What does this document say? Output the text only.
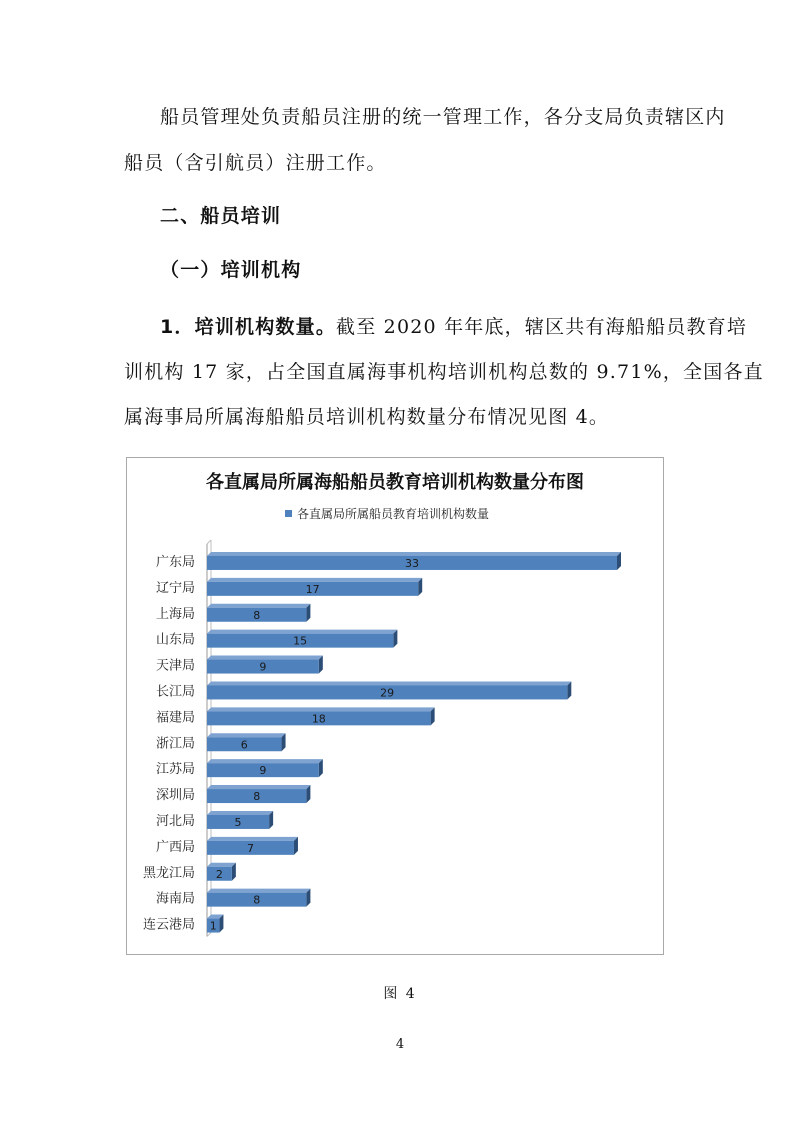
船员管理处负责船员注册的统一管理工作，各分支局负责辖区内
船员（含引航员）注册工作。
二、船员培训
（一）培训机构
1．培训机构数量。截至 2020 年年底，辖区共有海船船员教育培
训机构 17 家，占全国直属海事机构培训机构总数的 9.71%，全国各直
属海事局所属海船船员培训机构数量分布情况见图 4。
各直属局所属海船船员教育培训机构数量分布图
各直属局所属船员教育培训机构数量
广东局	33
辽宁局	17
上海局	8
山东局	15
天津局	9
长江局	29
福建局	18
浙江局	6
江苏局	9
深圳局	8
河北局	5
广西局	7
黑龙江局 2
海南局	8
连云港局 1
图 4
4
